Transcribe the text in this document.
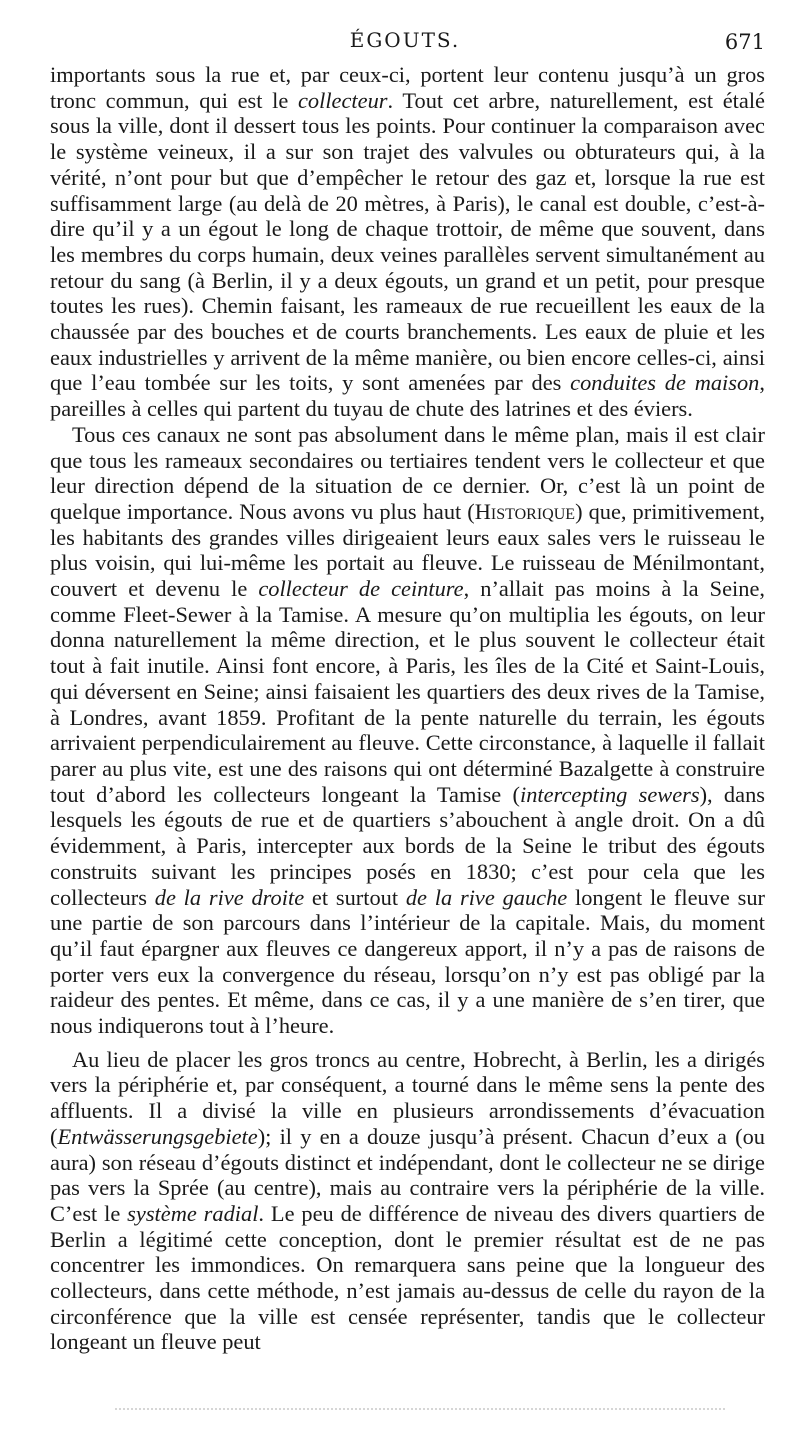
ÉGOUTS.	671

importants sous la rue et, par ceux-ci, portent leur contenu jusqu’à un gros tronc commun, qui est le collecteur. Tout cet arbre, naturellement, est étalé sous la ville, dont il dessert tous les points. Pour continuer la comparaison avec le système veineux, il a sur son trajet des valvules ou obturateurs qui, à la vérité, n’ont pour but que d’empêcher le retour des gaz et, lorsque la rue est suffisamment large (au delà de 20 mètres, à Paris), le canal est double, c’est-à-dire qu’il y a un égout le long de chaque trottoir, de même que souvent, dans les membres du corps humain, deux veines parallèles servent simultanément au retour du sang (à Berlin, il y a deux égouts, un grand et un petit, pour presque toutes les rues). Chemin faisant, les rameaux de rue recueillent les eaux de la chaussée par des bouches et de courts branchements. Les eaux de pluie et les eaux industrielles y arrivent de la même manière, ou bien encore celles-ci, ainsi que l’eau tombée sur les toits, y sont amenées par des conduites de maison, pareilles à celles qui partent du tuyau de chute des latrines et des éviers.

Tous ces canaux ne sont pas absolument dans le même plan, mais il est clair que tous les rameaux secondaires ou tertiaires tendent vers le collecteur et que leur direction dépend de la situation de ce dernier. Or, c’est là un point de quelque importance. Nous avons vu plus haut (Historique) que, primitivement, les habitants des grandes villes dirigeaient leurs eaux sales vers le ruisseau le plus voisin, qui lui-même les portait au fleuve. Le ruisseau de Ménilmontant, couvert et devenu le collecteur de ceinture, n’allait pas moins à la Seine, comme Fleet-Sewer à la Tamise. A mesure qu’on multiplia les égouts, on leur donna naturellement la même direction, et le plus souvent le collecteur était tout à fait inutile. Ainsi font encore, à Paris, les îles de la Cité et Saint-Louis, qui déversent en Seine; ainsi faisaient les quartiers des deux rives de la Tamise, à Londres, avant 1859. Profitant de la pente naturelle du terrain, les égouts arrivaient perpendiculairement au fleuve. Cette circonstance, à laquelle il fallait parer au plus vite, est une des raisons qui ont déterminé Bazalgette à construire tout d’abord les collecteurs longeant la Tamise (intercepting sewers), dans lesquels les égouts de rue et de quartiers s’abouchent à angle droit. On a dû évidemment, à Paris, intercepter aux bords de la Seine le tribut des égouts construits suivant les principes posés en 1830; c’est pour cela que les collecteurs de la rive droite et surtout de la rive gauche longent le fleuve sur une partie de son parcours dans l’intérieur de la capitale. Mais, du moment qu’il faut épargner aux fleuves ce dangereux apport, il n’y a pas de raisons de porter vers eux la convergence du réseau, lorsqu’on n’y est pas obligé par la raideur des pentes. Et même, dans ce cas, il y a une manière de s’en tirer, que nous indiquerons tout à l’heure.

Au lieu de placer les gros troncs au centre, Hobrecht, à Berlin, les a dirigés vers la périphérie et, par conséquent, a tourné dans le même sens la pente des affluents. Il a divisé la ville en plusieurs arrondissements d’évacuation (Entwässerungsgebiete); il y en a douze jusqu’à présent. Chacun d’eux a (ou aura) son réseau d’égouts distinct et indépendant, dont le collecteur ne se dirige pas vers la Sprée (au centre), mais au contraire vers la périphérie de la ville. C’est le système radial. Le peu de différence de niveau des divers quartiers de Berlin a légitimé cette conception, dont le premier résultat est de ne pas concentrer les immondices. On remarquera sans peine que la longueur des collecteurs, dans cette méthode, n’est jamais au-dessus de celle du rayon de la circonférence que la ville est censée représenter, tandis que le collecteur longeant un fleuve peut
